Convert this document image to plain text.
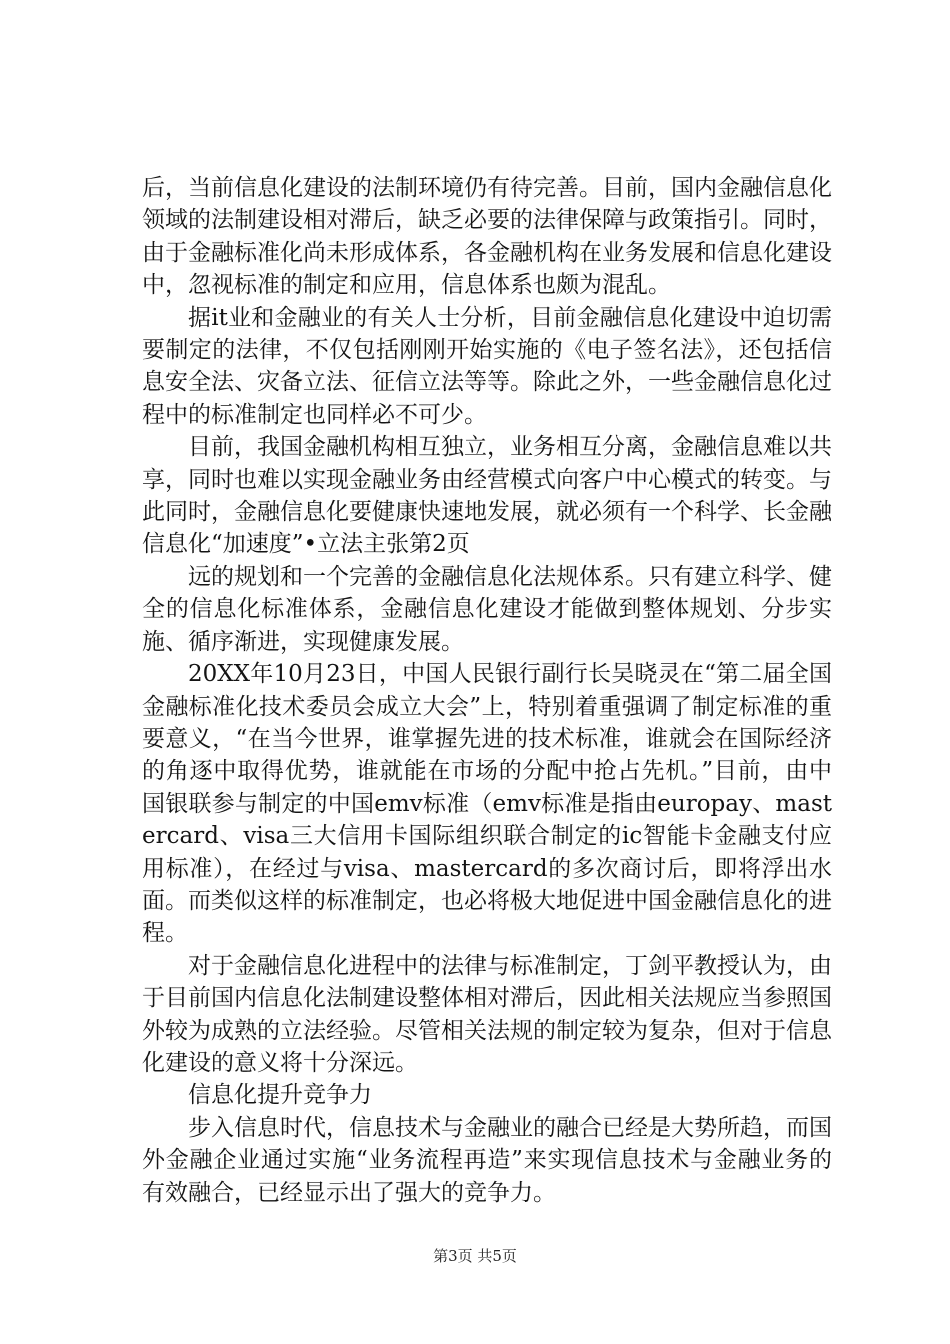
后，当前信息化建设的法制环境仍有待完善。目前，国内金融信息化领域的法制建设相对滞后，缺乏必要的法律保障与政策指引。同时，由于金融标准化尚未形成体系，各金融机构在业务发展和信息化建设中，忽视标准的制定和应用，信息体系也颇为混乱。

据it业和金融业的有关人士分析，目前金融信息化建设中迫切需要制定的法律，不仅包括刚刚开始实施的《电子签名法》，还包括信息安全法、灾备立法、征信立法等等。除此之外，一些金融信息化过程中的标准制定也同样必不可少。

目前，我国金融机构相互独立，业务相互分离，金融信息难以共享，同时也难以实现金融业务由经营模式向客户中心模式的转变。与此同时，金融信息化要健康快速地发展，就必须有一个科学、长金融信息化“加速度”•立法主张第2页

远的规划和一个完善的金融信息化法规体系。只有建立科学、健全的信息化标准体系，金融信息化建设才能做到整体规划、分步实施、循序渐进，实现健康发展。

20XX年10月23日，中国人民银行副行长吴晓灵在“第二届全国金融标准化技术委员会成立大会”上，特别着重强调了制定标准的重要意义，“在当今世界，谁掌握先进的技术标准，谁就会在国际经济的角逐中取得优势，谁就能在市场的分配中抢占先机。”目前，由中国银联参与制定的中国emv标准（emv标准是指由europay、mastercard、visa三大信用卡国际组织联合制定的ic智能卡金融支付应用标准），在经过与visa、mastercard的多次商讨后，即将浮出水面。而类似这样的标准制定，也必将极大地促进中国金融信息化的进程。

对于金融信息化进程中的法律与标准制定，丁剑平教授认为，由于目前国内信息化法制建设整体相对滞后，因此相关法规应当参照国外较为成熟的立法经验。尽管相关法规的制定较为复杂，但对于信息化建设的意义将十分深远。

信息化提升竞争力

步入信息时代，信息技术与金融业的融合已经是大势所趋，而国外金融企业通过实施“业务流程再造”来实现信息技术与金融业务的有效融合，已经显示出了强大的竞争力。

第3页 共5页
